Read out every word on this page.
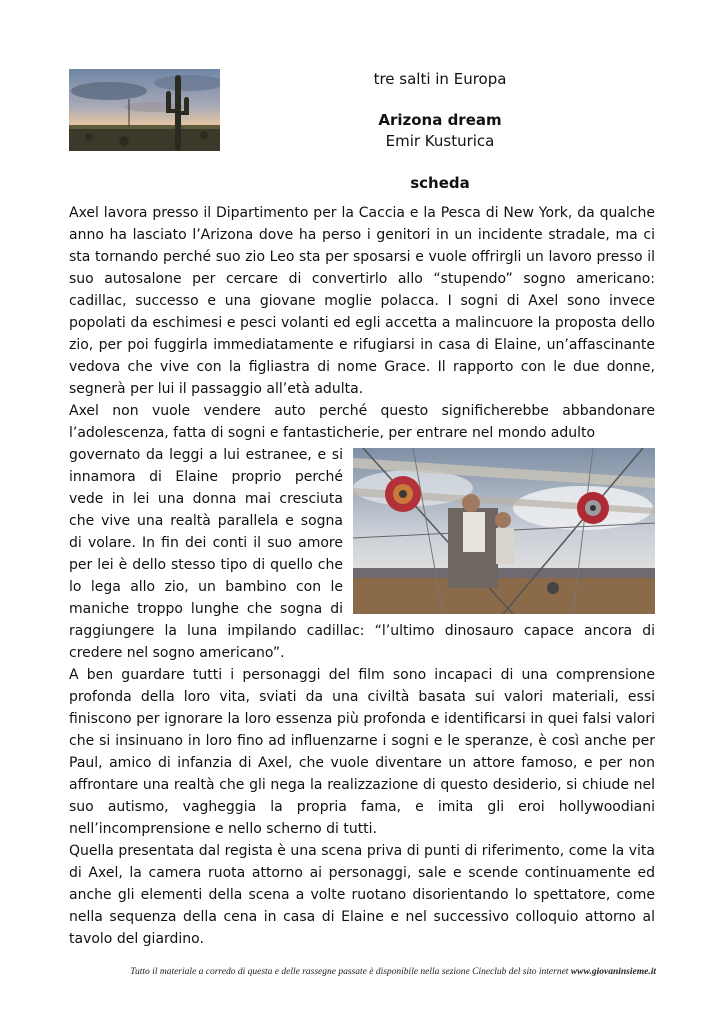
tre salti in Europa
Arizona dream
Emir Kusturica
scheda

Axel lavora presso il Dipartimento per la Caccia e la Pesca di New York, da qualche anno ha lasciato l’Arizona dove ha perso i genitori in un incidente stradale, ma ci sta tornando perché suo zio Leo sta per sposarsi e vuole offrirgli un lavoro presso il suo autosalone per cercare di convertirlo allo “stupendo” sogno americano: cadillac, successo e una giovane moglie polacca. I sogni di Axel sono invece popolati da eschimesi e pesci volanti ed egli accetta a malincuore la proposta dello zio, per poi fuggirla immediatamente e rifugiarsi in casa di Elaine, un’affascinante vedova che vive con la figliastra di nome Grace. Il rapporto con le due donne, segnerà per lui il passaggio all’età adulta.

Axel non vuole vendere auto perché questo significherebbe abbandonare l’adolescenza, fatta di sogni e fantasticherie, per entrare nel mondo adulto

governato da leggi a lui estranee, e si innamora di Elaine proprio perché vede in lei una donna mai cresciuta che vive una realtà parallela e sogna di volare. In fin dei conti il suo amore per lei è dello stesso tipo di quello che lo lega allo zio, un bambino con le maniche troppo lunghe che sogna di raggiungere la luna impilando cadillac: “l’ultimo dinosauro capace ancora di credere nel sogno americano”.

A ben guardare tutti i personaggi del film sono incapaci di una comprensione profonda della loro vita, sviati da una civiltà basata sui valori materiali, essi finiscono per ignorare la loro essenza più profonda e identificarsi in quei falsi valori che si insinuano in loro fino ad influenzarne i sogni e le speranze, è così anche per Paul, amico di infanzia di Axel, che vuole diventare un attore famoso, e per non affrontare una realtà che gli nega la realizzazione di questo desiderio, si chiude nel suo autismo, vagheggia la propria fama, e imita gli eroi hollywoodiani nell’incomprensione e nello scherno di tutti.

Quella presentata dal regista è una scena priva di punti di riferimento, come la vita di Axel, la camera ruota attorno ai personaggi, sale e scende continuamente ed anche gli elementi della scena a volte ruotano disorientando lo spettatore, come nella sequenza della cena in casa di Elaine e nel successivo colloquio attorno al tavolo del giardino.

Tutto il materiale a corredo di questa e delle rassegne passate è disponibile nella sezione Cineclub del sito internet www.giovaninsieme.it
